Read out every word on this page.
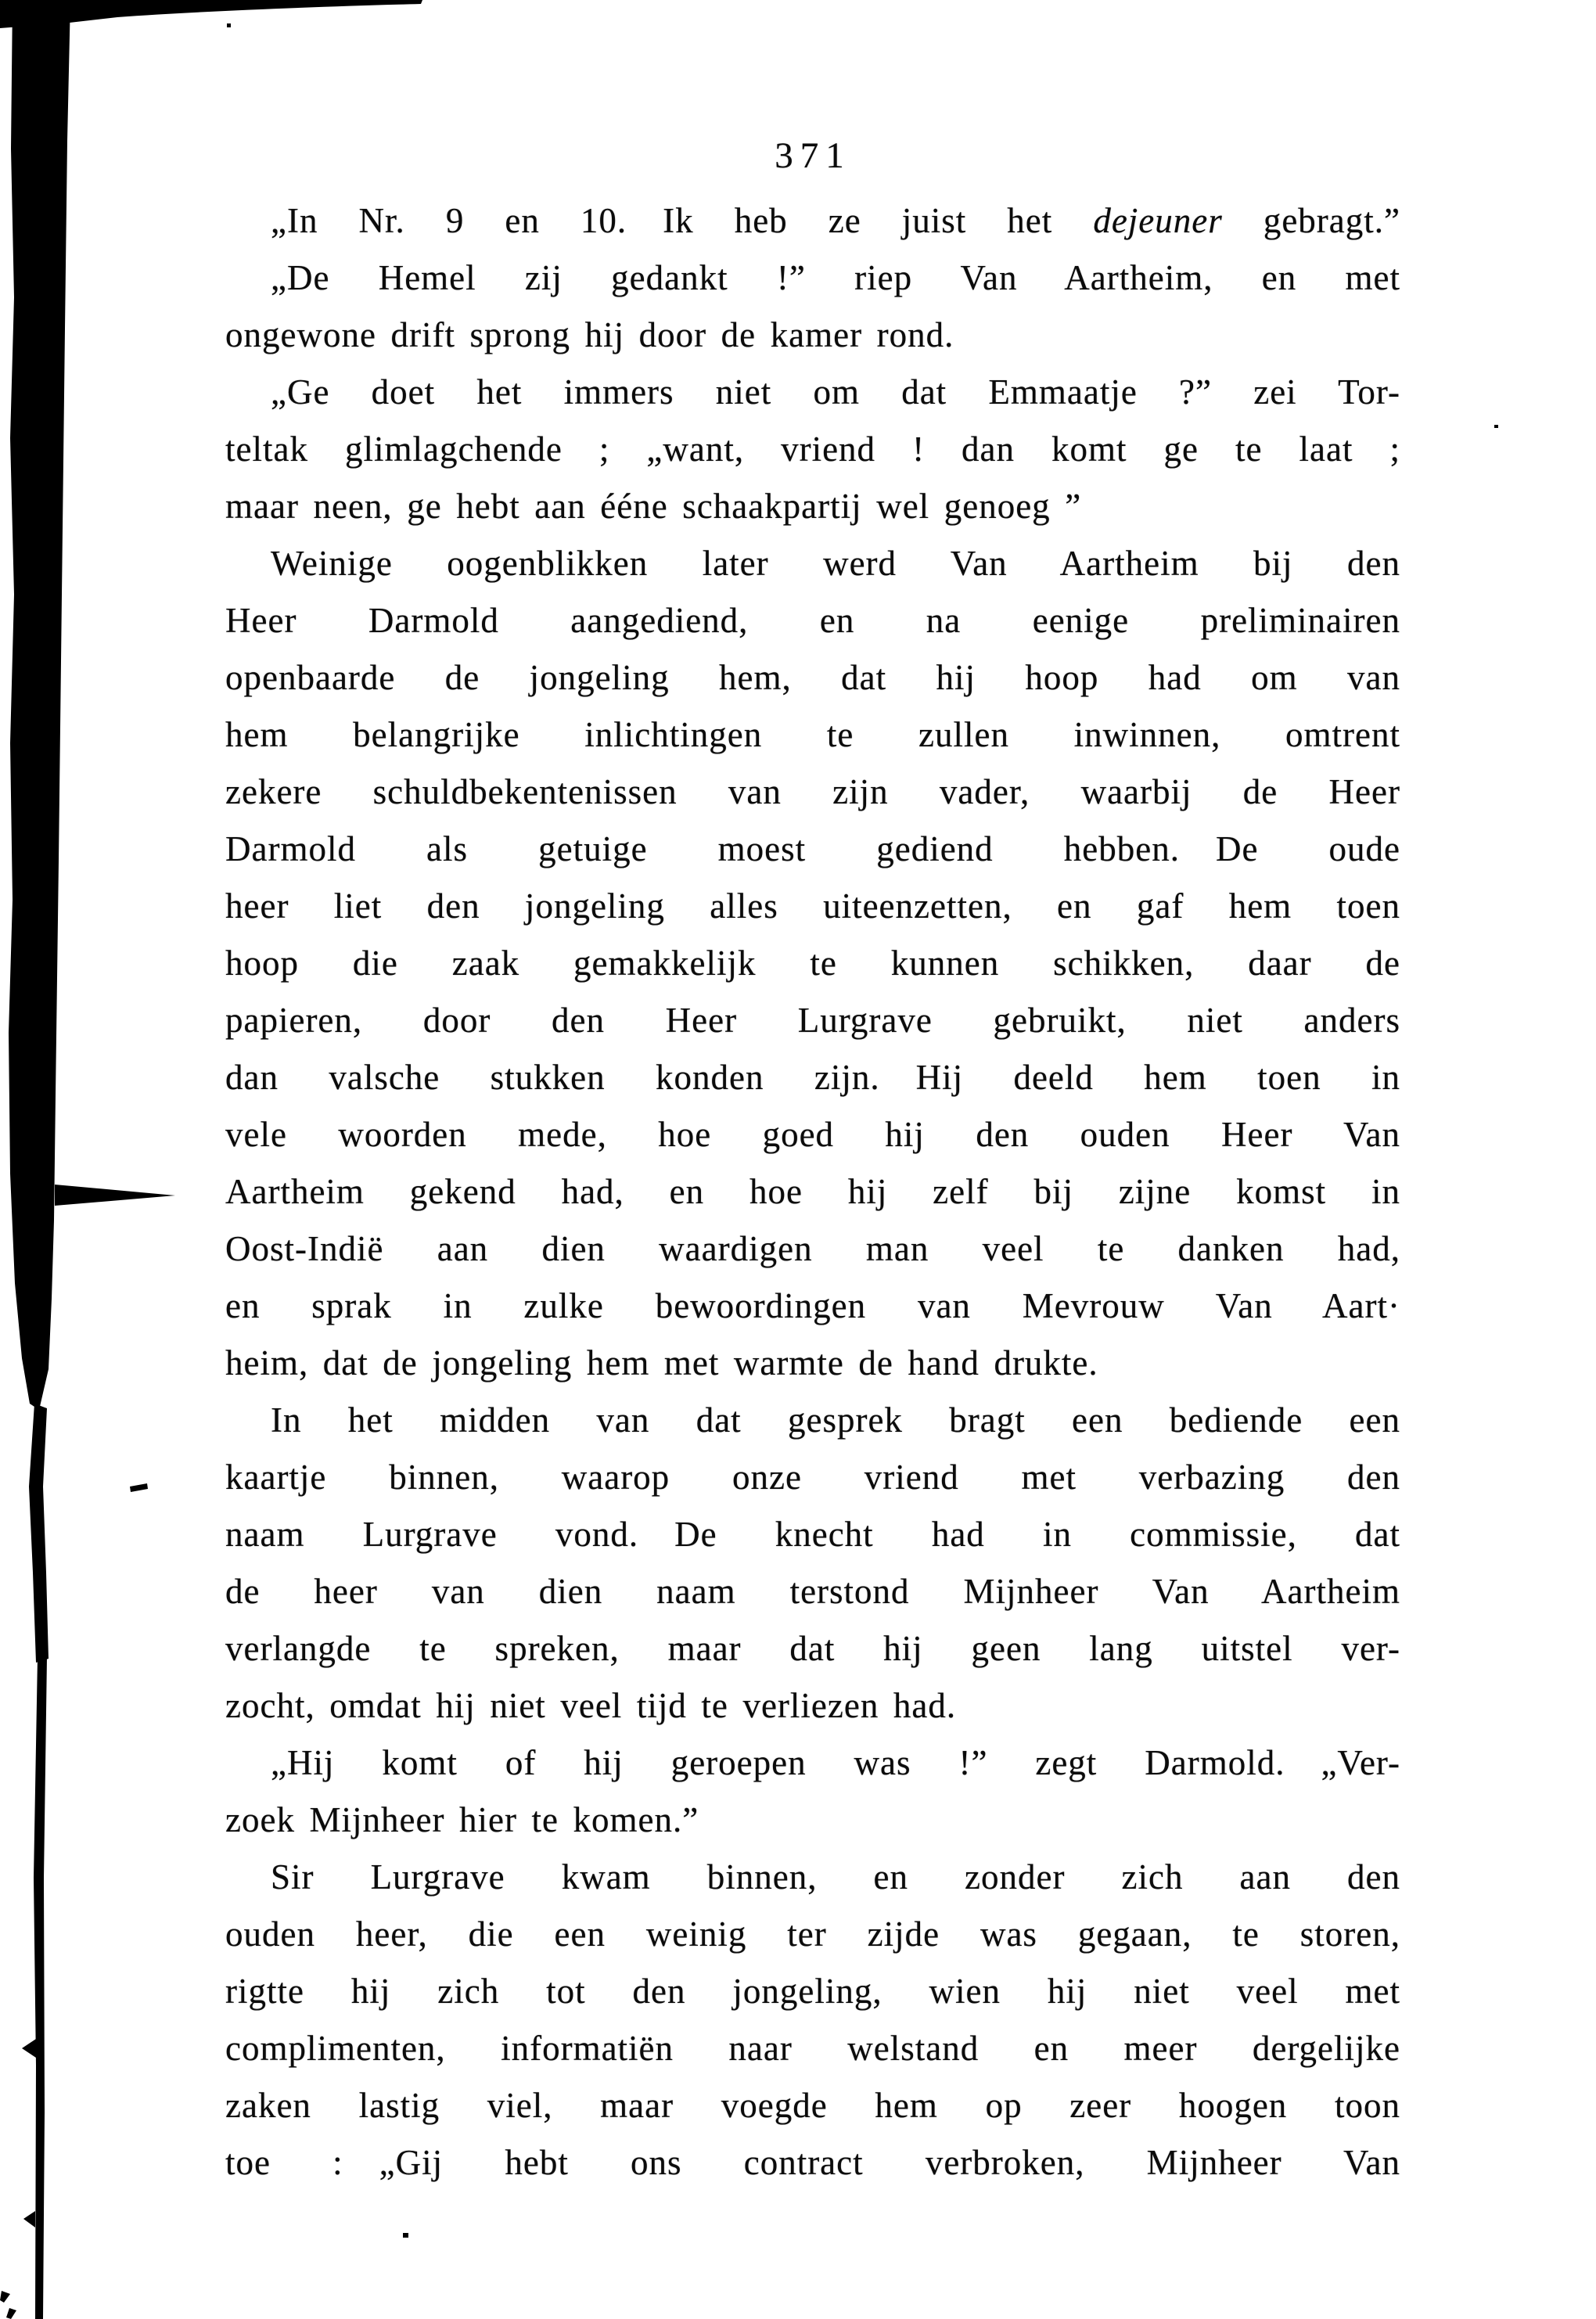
371
„In Nr. 9 en 10. Ik heb ze juist het dejeuner gebragt.”
„De Hemel zij gedankt !” riep Van Aartheim, en met
ongewone drift sprong hij door de kamer rond.
„Ge doet het immers niet om dat Emmaatje ?” zei Tor-
teltak glimlagchende ; „want, vriend ! dan komt ge te laat ;
maar neen, ge hebt aan ééne schaakpartij wel genoeg ”
Weinige oogenblikken later werd Van Aartheim bij den
Heer Darmold aangediend, en na eenige preliminairen
openbaarde de jongeling hem, dat hij hoop had om van
hem belangrijke inlichtingen te zullen inwinnen, omtrent
zekere schuldbekentenissen van zijn vader, waarbij de Heer
Darmold als getuige moest gediend hebben. De oude
heer liet den jongeling alles uiteenzetten, en gaf hem toen
hoop die zaak gemakkelijk te kunnen schikken, daar de
papieren, door den Heer Lurgrave gebruikt, niet anders
dan valsche stukken konden zijn. Hij deeld hem toen in
vele woorden mede, hoe goed hij den ouden Heer Van
Aartheim gekend had, en hoe hij zelf bij zijne komst in
Oost-Indië aan dien waardigen man veel te danken had,
en sprak in zulke bewoordingen van Mevrouw Van Aart·
heim, dat de jongeling hem met warmte de hand drukte.
In het midden van dat gesprek bragt een bediende een
kaartje binnen, waarop onze vriend met verbazing den
naam Lurgrave vond. De knecht had in commissie, dat
de heer van dien naam terstond Mijnheer Van Aartheim
verlangde te spreken, maar dat hij geen lang uitstel ver-
zocht, omdat hij niet veel tijd te verliezen had.
„Hij komt of hij geroepen was !” zegt Darmold. „Ver-
zoek Mijnheer hier te komen.”
Sir Lurgrave kwam binnen, en zonder zich aan den
ouden heer, die een weinig ter zijde was gegaan, te storen,
rigtte hij zich tot den jongeling, wien hij niet veel met
complimenten, informatiën naar welstand en meer dergelijke
zaken lastig viel, maar voegde hem op zeer hoogen toon
toe : „Gij hebt ons contract verbroken, Mijnheer Van
